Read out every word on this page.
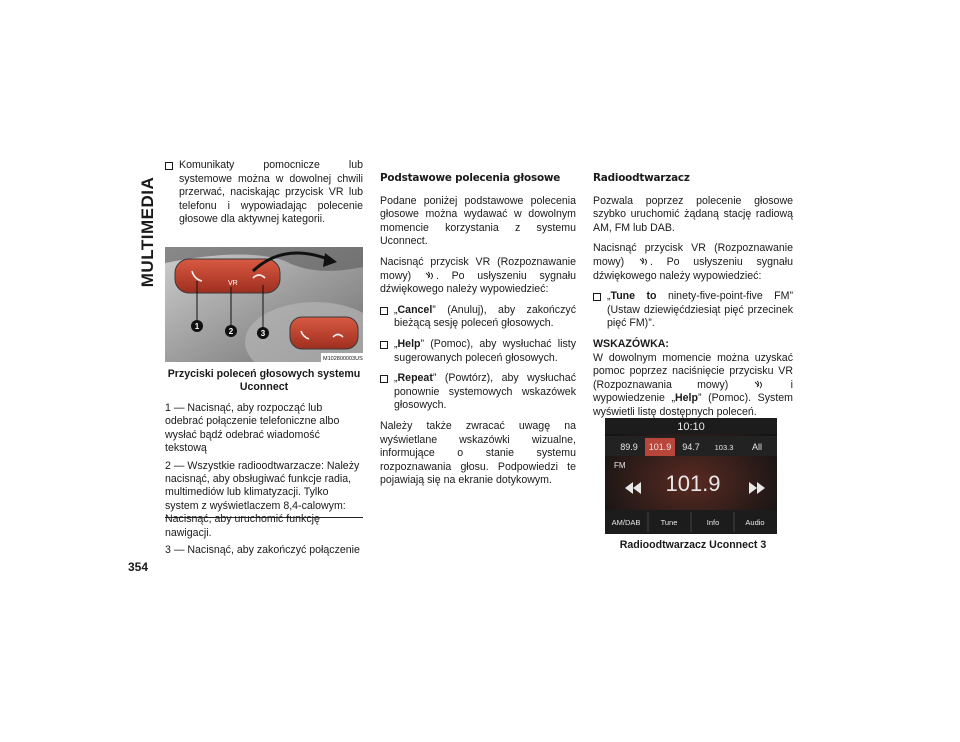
MULTIMEDIA
Komunikaty pomocnicze lub systemowe można w dowolnej chwili przerwać, naciskając przycisk VR lub telefonu i wypowiadając polecenie głosowe dla aktywnej kategorii.
VR
1
2	3
M102800003US
Przyciski poleceń głosowych systemu Uconnect

1 — Nacisnąć, aby rozpocząć lub odebrać połączenie telefoniczne albo wysłać bądź odebrać wiadomość tekstową

2 — Wszystkie radioodtwarzacze: Należy nacisnąć, aby obsługiwać funkcje radia, multimediów lub klimatyzacji. Tylko system z wyświetlaczem 8,4-calowym: Nacisnąć, aby uruchomić funkcję nawigacji.

3 — Nacisnąć, aby zakończyć połączenie

Podstawowe polecenia głosowe

Podane poniżej podstawowe polecenia głosowe można wydawać w dowolnym momencie korzystania z systemu Uconnect.

Nacisnąć przycisk VR (Rozpoznawanie mowy) . Po usłyszeniu sygnału dźwiękowego należy wypowiedzieć:

„Cancel” (Anuluj), aby zakończyć bieżącą sesję poleceń głosowych.
„Help” (Pomoc), aby wysłuchać listy sugerowanych poleceń głosowych.
„Repeat” (Powtórz), aby wysłuchać ponownie systemowych wskazówek głosowych.

Należy także zwracać uwagę na wyświetlane wskazówki wizualne, informujące o stanie systemu rozpoznawania głosu. Podpowiedzi te pojawiają się na ekranie dotykowym.

Radioodtwarzacz

Pozwala poprzez polecenie głosowe szybko uruchomić żądaną stację radiową AM, FM lub DAB.

Nacisnąć przycisk VR (Rozpoznawanie mowy) . Po usłyszeniu sygnału dźwiękowego należy wypowiedzieć:

„Tune to ninety-five-point-five FM” (Ustaw dziewięćdziesiąt pięć przecinek pięć FM)”.

WSKAZÓWKA:
W dowolnym momencie można uzyskać pomoc poprzez naciśnięcie przycisku VR (Rozpoznawania mowy)	i wypowiedzenie „Help” (Pomoc). System wyświetli listę dostępnych poleceń.

10:10
89.9 101.9 94.7 103.3 All
FM
101.9
AM/DAB	Tune	Info	Audio
Radioodtwarzacz Uconnect 3
354
